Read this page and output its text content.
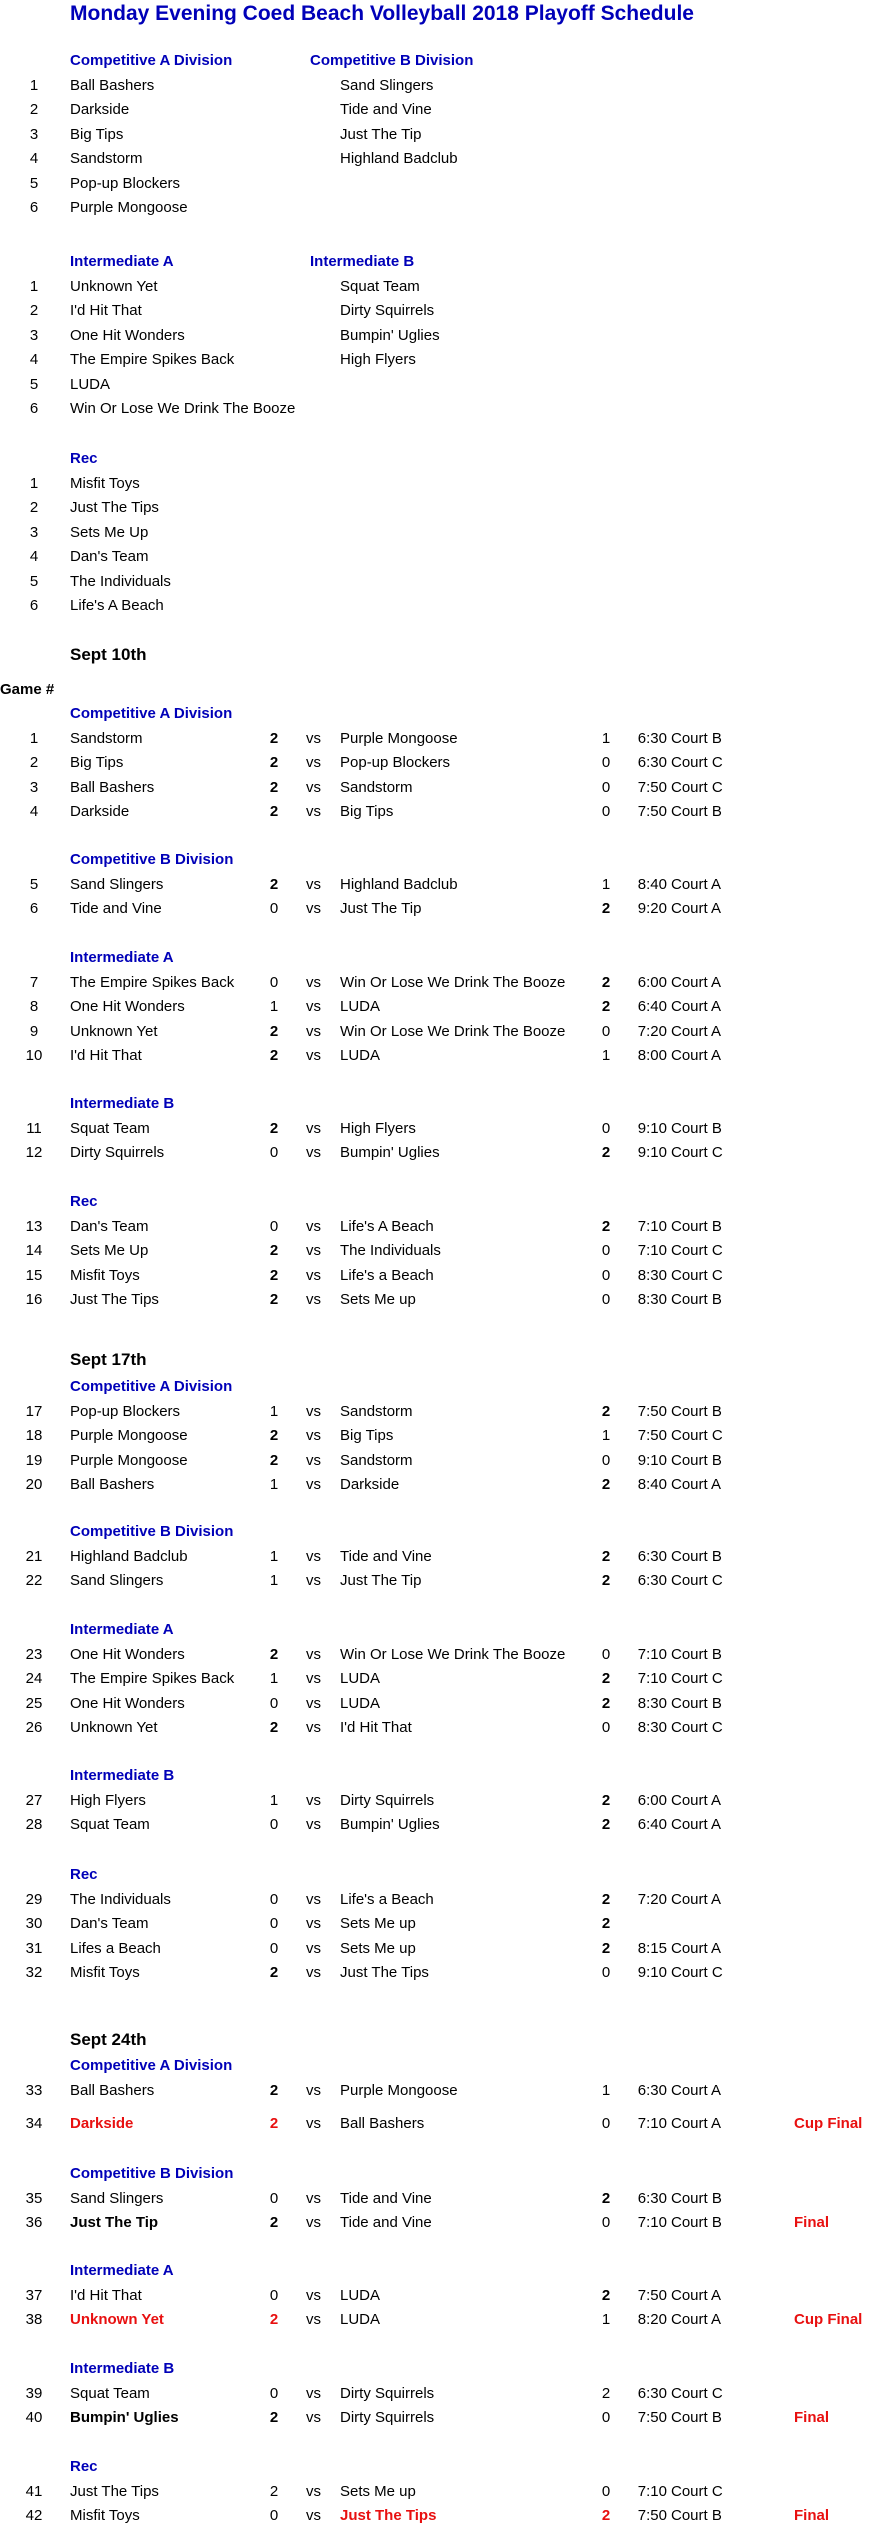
Monday Evening Coed Beach Volleyball 2018 Playoff Schedule
Competitive A Division	Competitive B Division
1	Ball Bashers	Sand Slingers
2	Darkside	Tide and Vine
3	Big Tips	Just The Tip
4	Sandstorm	Highland Badclub
5	Pop-up Blockers
6	Purple Mongoose
Intermediate A	Intermediate B
1	Unknown Yet	Squat Team
2	I'd Hit That	Dirty Squirrels
3	One Hit Wonders	Bumpin' Uglies
4	The Empire Spikes Back	High Flyers
5	LUDA
6	Win Or Lose We Drink The Booze
Rec
1	Misfit Toys
2	Just The Tips
3	Sets Me Up
4	Dan's Team
5	The Individuals
6	Life's A Beach
Sept 10th
Game #
Competitive A Division
1	Sandstorm	2	vs Purple Mongoose	1	6:30 Court B
2	Big Tips	2	vs Pop-up Blockers	0	6:30 Court C
3	Ball Bashers	2	vs Sandstorm	0	7:50 Court C
4	Darkside	2	vs Big Tips	0	7:50 Court B
Competitive B Division
5	Sand Slingers	2	vs Highland Badclub	1	8:40 Court A
6	Tide and Vine	0	vs Just The Tip	2	9:20 Court A
Intermediate A
7	The Empire Spikes Back	0	vs Win Or Lose We Drink The Booze	2	6:00 Court A
8	One Hit Wonders	1	vs LUDA	2	6:40 Court A
9	Unknown Yet	2	vs Win Or Lose We Drink The Booze	0	7:20 Court A
10	I'd Hit That	2	vs LUDA	1	8:00 Court A
Intermediate B
11	Squat Team	2	vs High Flyers	0	9:10 Court B
12	Dirty Squirrels	0	vs Bumpin' Uglies	2	9:10 Court C
Rec
13	Dan's Team	0	vs Life's A Beach	2	7:10 Court B
14	Sets Me Up	2	vs The Individuals	0	7:10 Court C
15	Misfit Toys	2	vs Life's a Beach	0	8:30 Court C
16	Just The Tips	2	vs Sets Me up	0	8:30 Court B
Sept 17th
Competitive A Division
17	Pop-up Blockers	1	vs Sandstorm	2	7:50 Court B
18	Purple Mongoose	2	vs Big Tips	1	7:50 Court C
19	Purple Mongoose	2	vs Sandstorm	0	9:10 Court B
20	Ball Bashers	1	vs Darkside	2	8:40 Court A
Competitive B Division
21	Highland Badclub	1	vs Tide and Vine	2	6:30 Court B
22	Sand Slingers	1	vs Just The Tip	2	6:30 Court C
Intermediate A
23	One Hit Wonders	2	vs Win Or Lose We Drink The Booze	0	7:10 Court B
24	The Empire Spikes Back	1	vs LUDA	2	7:10 Court C
25	One Hit Wonders	0	vs LUDA	2	8:30 Court B
26	Unknown Yet	2	vs I'd Hit That	0	8:30 Court C
Intermediate B
27	High Flyers	1	vs Dirty Squirrels	2	6:00 Court A
28	Squat Team	0	vs Bumpin' Uglies	2	6:40 Court A
Rec
29	The Individuals	0	vs Life's a Beach	2	7:20 Court A
30	Dan's Team	0	vs Sets Me up	2
31	Lifes a Beach	0	vs Sets Me up	2	8:15 Court A
32	Misfit Toys	2	vs Just The Tips	0	9:10 Court C
Sept 24th
Competitive A Division
33	Ball Bashers	2	vs Purple Mongoose	1	6:30 Court A
34	Darkside	2	vs Ball Bashers	0	7:10 Court A	Cup Final
Competitive B Division
35	Sand Slingers	0	vs Tide and Vine	2	6:30 Court B
36	Just The Tip	2	vs Tide and Vine	0	7:10 Court B	Final
Intermediate A
37	I'd Hit That	0	vs LUDA	2	7:50 Court A
38	Unknown Yet	2	vs LUDA	1	8:20 Court A	Cup Final
Intermediate B
39	Squat Team	0	vs Dirty Squirrels	2	6:30 Court C
40	Bumpin' Uglies	2	vs Dirty Squirrels	0	7:50 Court B	Final
Rec
41	Just The Tips	2	vs Sets Me up	0	7:10 Court C
42	Misfit Toys	0	vs Just The Tips	2	7:50 Court B	Final
